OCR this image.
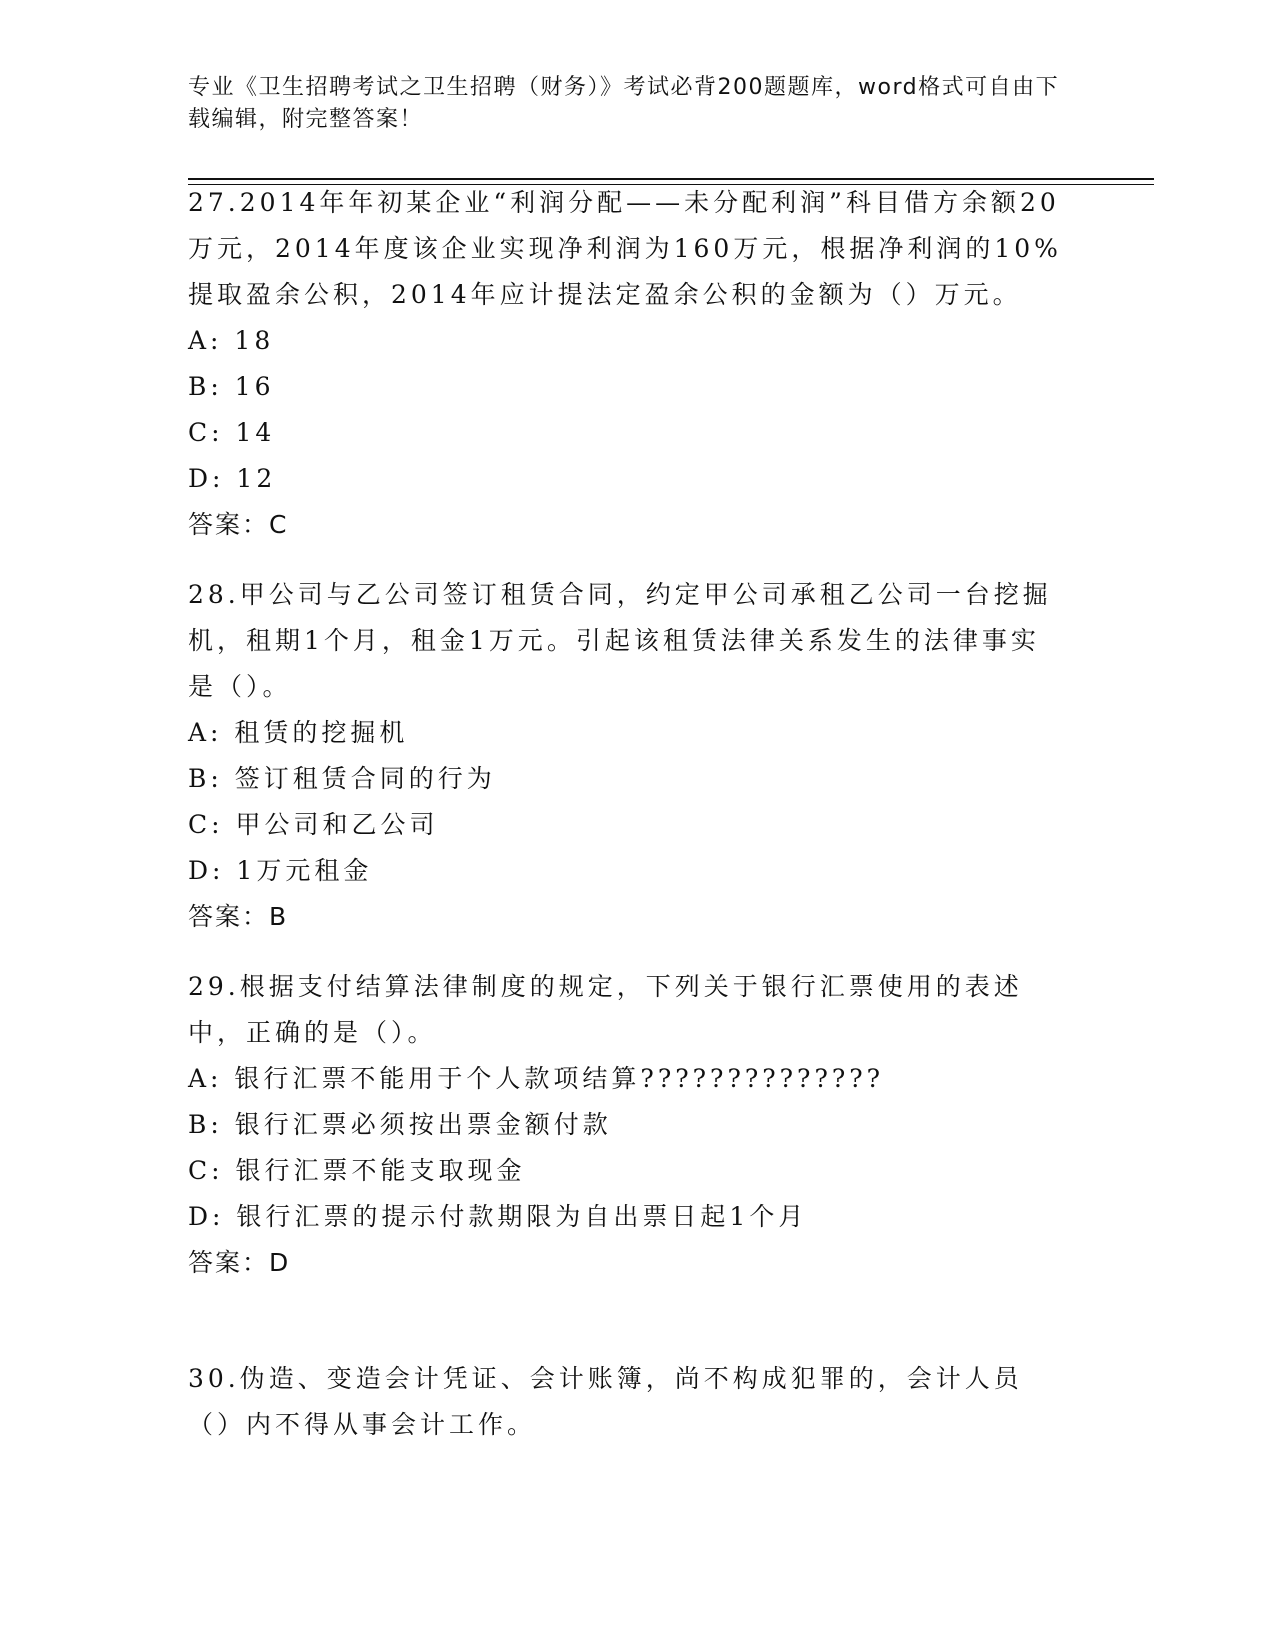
专业《卫生招聘考试之卫生招聘（财务）》考试必背200题题库，word格式可自由下载编辑，附完整答案！

27.2014年年初某企业“利润分配——未分配利润”科目借方余额20万元，2014年度该企业实现净利润为160万元，根据净利润的10%提取盈余公积，2014年应计提法定盈余公积的金额为（）万元。

A: 18

B: 16

C: 14

D: 12

答案：C

28.甲公司与乙公司签订租赁合同，约定甲公司承租乙公司一台挖掘机，租期1个月，租金1万元。引起该租赁法律关系发生的法律事实是（）。

A: 租赁的挖掘机

B: 签订租赁合同的行为

C: 甲公司和乙公司

D: 1万元租金

答案：B

29.根据支付结算法律制度的规定，下列关于银行汇票使用的表述中，正确的是（）。

A: 银行汇票不能用于个人款项结算??????????????

B: 银行汇票必须按出票金额付款

C: 银行汇票不能支取现金

D: 银行汇票的提示付款期限为自出票日起1个月

答案：D

30.伪造、变造会计凭证、会计账簿，尚不构成犯罪的，会计人员（）内不得从事会计工作。
